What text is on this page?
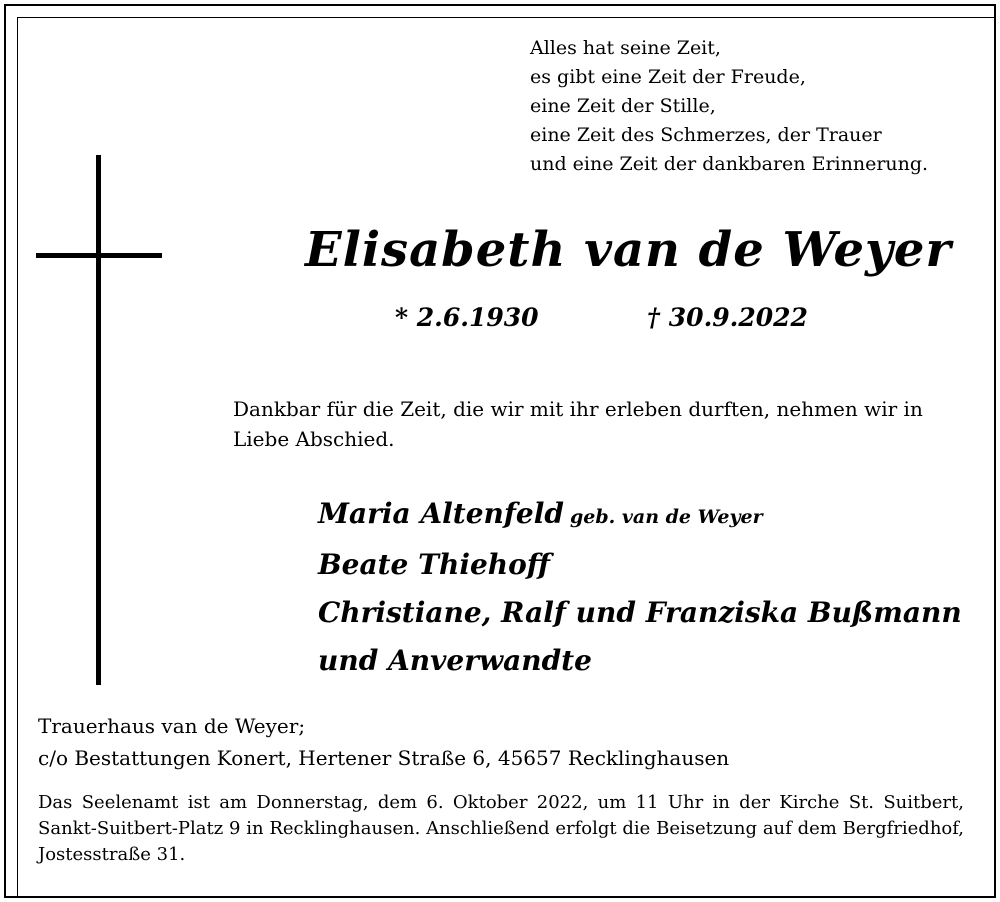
Alles hat seine Zeit,
es gibt eine Zeit der Freude,
eine Zeit der Stille,
eine Zeit des Schmerzes, der Trauer
und eine Zeit der dankbaren Erinnerung.
Elisabeth van de Weyer
* 2.6.1930	† 30.9.2022
Dankbar für die Zeit, die wir mit ihr erleben durften, nehmen wir in Liebe Abschied.
Maria Altenfeld geb. van de Weyer
Beate Thiehoff
Christiane, Ralf und Franziska Bußmann
und Anverwandte
Trauerhaus van de Weyer;
c/o Bestattungen Konert, Hertener Straße 6, 45657 Recklinghausen
Das Seelenamt ist am Donnerstag, dem 6. Oktober 2022, um 11 Uhr in der Kirche St. Suitbert, Sankt-Suitbert-Platz 9 in Recklinghausen. Anschließend erfolgt die Beisetzung auf dem Bergfriedhof, Jostesstraße 31.
